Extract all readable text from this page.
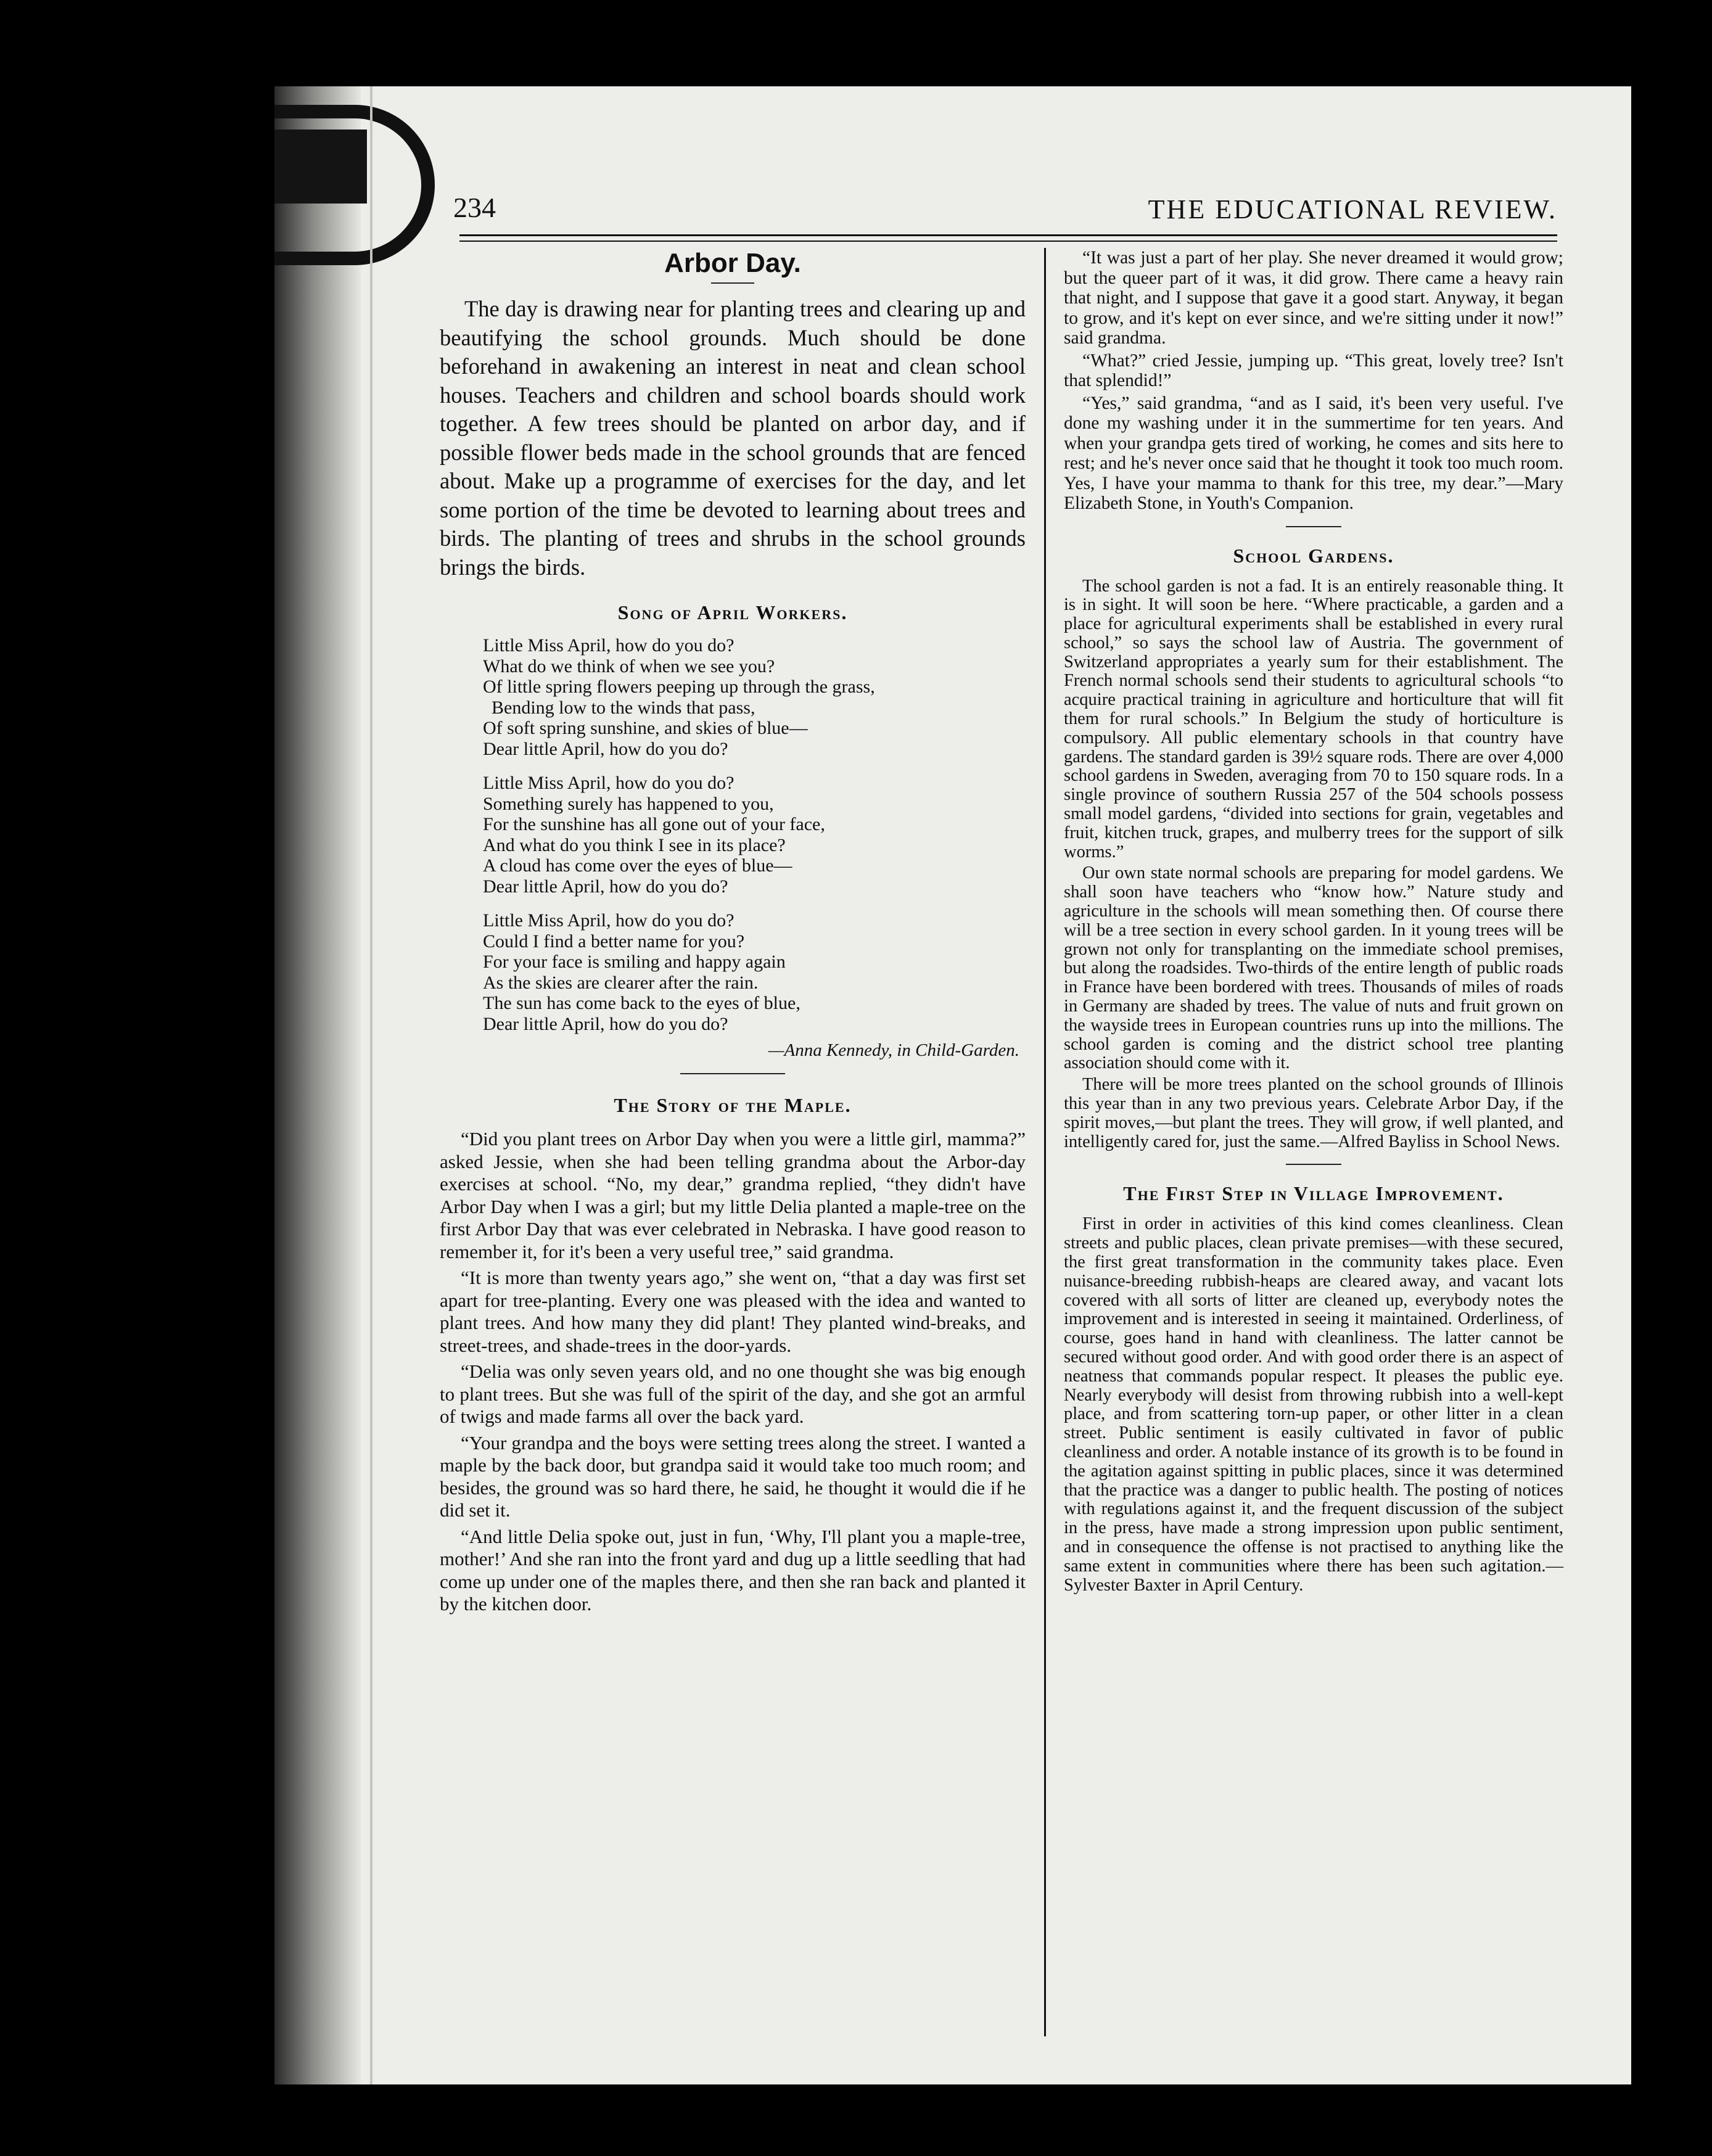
234	THE EDUCATIONAL REVIEW.
Arbor Day.

The day is drawing near for planting trees and clearing up and beautifying the school grounds. Much should be done beforehand in awakening an interest in neat and clean school houses. Teachers and children and school boards should work together. A few trees should be planted on arbor day, and if possible flower beds made in the school grounds that are fenced about. Make up a programme of exercises for the day, and let some portion of the time be devoted to learning about trees and birds. The planting of trees and shrubs in the school grounds brings the birds.

Song of April Workers.
Little Miss April, how do you do?
What do we think of when we see you?
Of little spring flowers peeping up through the grass,
Bending low to the winds that pass,
Of soft spring sunshine, and skies of blue—
Dear little April, how do you do?
Little Miss April, how do you do?
Something surely has happened to you,
For the sunshine has all gone out of your face,
And what do you think I see in its place?
A cloud has come over the eyes of blue—
Dear little April, how do you do?
Little Miss April, how do you do?
Could I find a better name for you?
For your face is smiling and happy again
As the skies are clearer after the rain.
The sun has come back to the eyes of blue,
Dear little April, how do you do?

—Anna Kennedy, in Child-Garden.

The Story of the Maple.

“Did you plant trees on Arbor Day when you were a little girl, mamma?” asked Jessie, when she had been telling grandma about the Arbor-day exercises at school. “No, my dear,” grandma replied, “they didn't have Arbor Day when I was a girl; but my little Delia planted a maple-tree on the first Arbor Day that was ever celebrated in Nebraska. I have good reason to remember it, for it's been a very useful tree,” said grandma.

“It is more than twenty years ago,” she went on, “that a day was first set apart for tree-planting. Every one was pleased with the idea and wanted to plant trees. And how many they did plant! They planted wind-breaks, and street-trees, and shade-trees in the door-yards.

“Delia was only seven years old, and no one thought she was big enough to plant trees. But she was full of the spirit of the day, and she got an armful of twigs and made farms all over the back yard.

“Your grandpa and the boys were setting trees along the street. I wanted a maple by the back door, but grandpa said it would take too much room; and besides, the ground was so hard there, he said, he thought it would die if he did set it.

“And little Delia spoke out, just in fun, ‘Why, I'll plant you a maple-tree, mother!’ And she ran into the front yard and dug up a little seedling that had come up under one of the maples there, and then she ran back and planted it by the kitchen door.

“It was just a part of her play. She never dreamed it would grow; but the queer part of it was, it did grow. There came a heavy rain that night, and I suppose that gave it a good start. Anyway, it began to grow, and it's kept on ever since, and we're sitting under it now!” said grandma.

“What?” cried Jessie, jumping up. “This great, lovely tree? Isn't that splendid!”

“Yes,” said grandma, “and as I said, it's been very useful. I've done my washing under it in the summertime for ten years. And when your grandpa gets tired of working, he comes and sits here to rest; and he's never once said that he thought it took too much room. Yes, I have your mamma to thank for this tree, my dear.”—Mary Elizabeth Stone, in Youth's Companion.

School Gardens.

The school garden is not a fad. It is an entirely reasonable thing. It is in sight. It will soon be here. “Where practicable, a garden and a place for agricultural experiments shall be established in every rural school,” so says the school law of Austria. The government of Switzerland appropriates a yearly sum for their establishment. The French normal schools send their students to agricultural schools “to acquire practical training in agriculture and horticulture that will fit them for rural schools.” In Belgium the study of horticulture is compulsory. All public elementary schools in that country have gardens. The standard garden is 39½ square rods. There are over 4,000 school gardens in Sweden, averaging from 70 to 150 square rods. In a single province of southern Russia 257 of the 504 schools possess small model gardens, “divided into sections for grain, vegetables and fruit, kitchen truck, grapes, and mulberry trees for the support of silk worms.”

Our own state normal schools are preparing for model gardens. We shall soon have teachers who “know how.” Nature study and agriculture in the schools will mean something then. Of course there will be a tree section in every school garden. In it young trees will be grown not only for transplanting on the immediate school premises, but along the roadsides. Two-thirds of the entire length of public roads in France have been bordered with trees. Thousands of miles of roads in Germany are shaded by trees. The value of nuts and fruit grown on the wayside trees in European countries runs up into the millions. The school garden is coming and the district school tree planting association should come with it.

There will be more trees planted on the school grounds of Illinois this year than in any two previous years. Celebrate Arbor Day, if the spirit moves,—but plant the trees. They will grow, if well planted, and intelligently cared for, just the same.—Alfred Bayliss in School News.

The First Step in Village Improvement.

First in order in activities of this kind comes cleanliness. Clean streets and public places, clean private premises—with these secured, the first great transformation in the community takes place. Even nuisance-breeding rubbish-heaps are cleared away, and vacant lots covered with all sorts of litter are cleaned up, everybody notes the improvement and is interested in seeing it maintained. Orderliness, of course, goes hand in hand with cleanliness. The latter cannot be secured without good order. And with good order there is an aspect of neatness that commands popular respect. It pleases the public eye. Nearly everybody will desist from throwing rubbish into a well-kept place, and from scattering torn-up paper, or other litter in a clean street. Public sentiment is easily cultivated in favor of public cleanliness and order. A notable instance of its growth is to be found in the agitation against spitting in public places, since it was determined that the practice was a danger to public health. The posting of notices with regulations against it, and the frequent discussion of the subject in the press, have made a strong impression upon public sentiment, and in consequence the offense is not practised to anything like the same extent in communities where there has been such agitation.—Sylvester Baxter in April Century.
